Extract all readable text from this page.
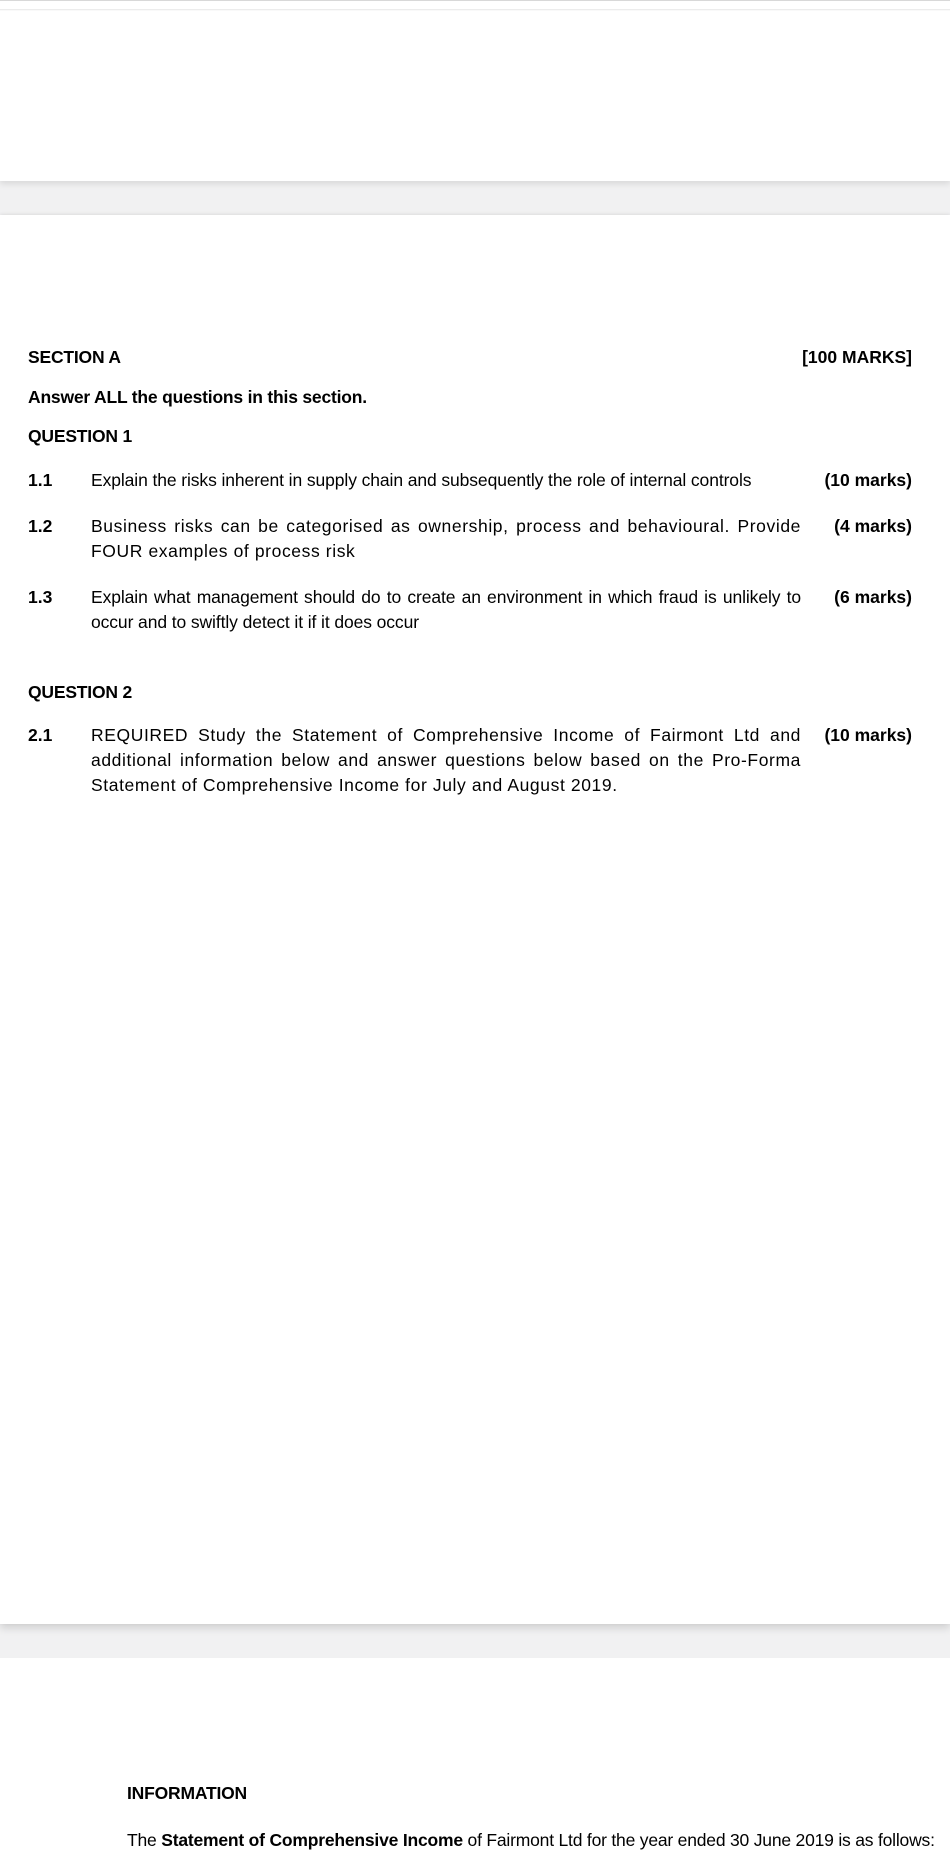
SECTION A	[100 MARKS]
Answer ALL the questions in this section.
QUESTION 1
1.1 Explain the risks inherent in supply chain and subsequently the role of internal controls	(10 marks)
1.2 Business risks can be categorised as ownership, process and behavioural. Provide FOUR examples of process risk
(4 marks)
1.3 Explain what management should do to create an environment in which fraud is unlikely to occur and to swiftly detect it if it does occur
(6 marks)
QUESTION 2
2.1 REQUIRED Study the Statement of Comprehensive Income of Fairmont Ltd and additional information below and answer questions below based on the Pro-Forma Statement of Comprehensive Income for July and August 2019.
(10 marks)
INFORMATION
The Statement of Comprehensive Income of Fairmont Ltd for the year ended 30 June 2019 is as follows:
